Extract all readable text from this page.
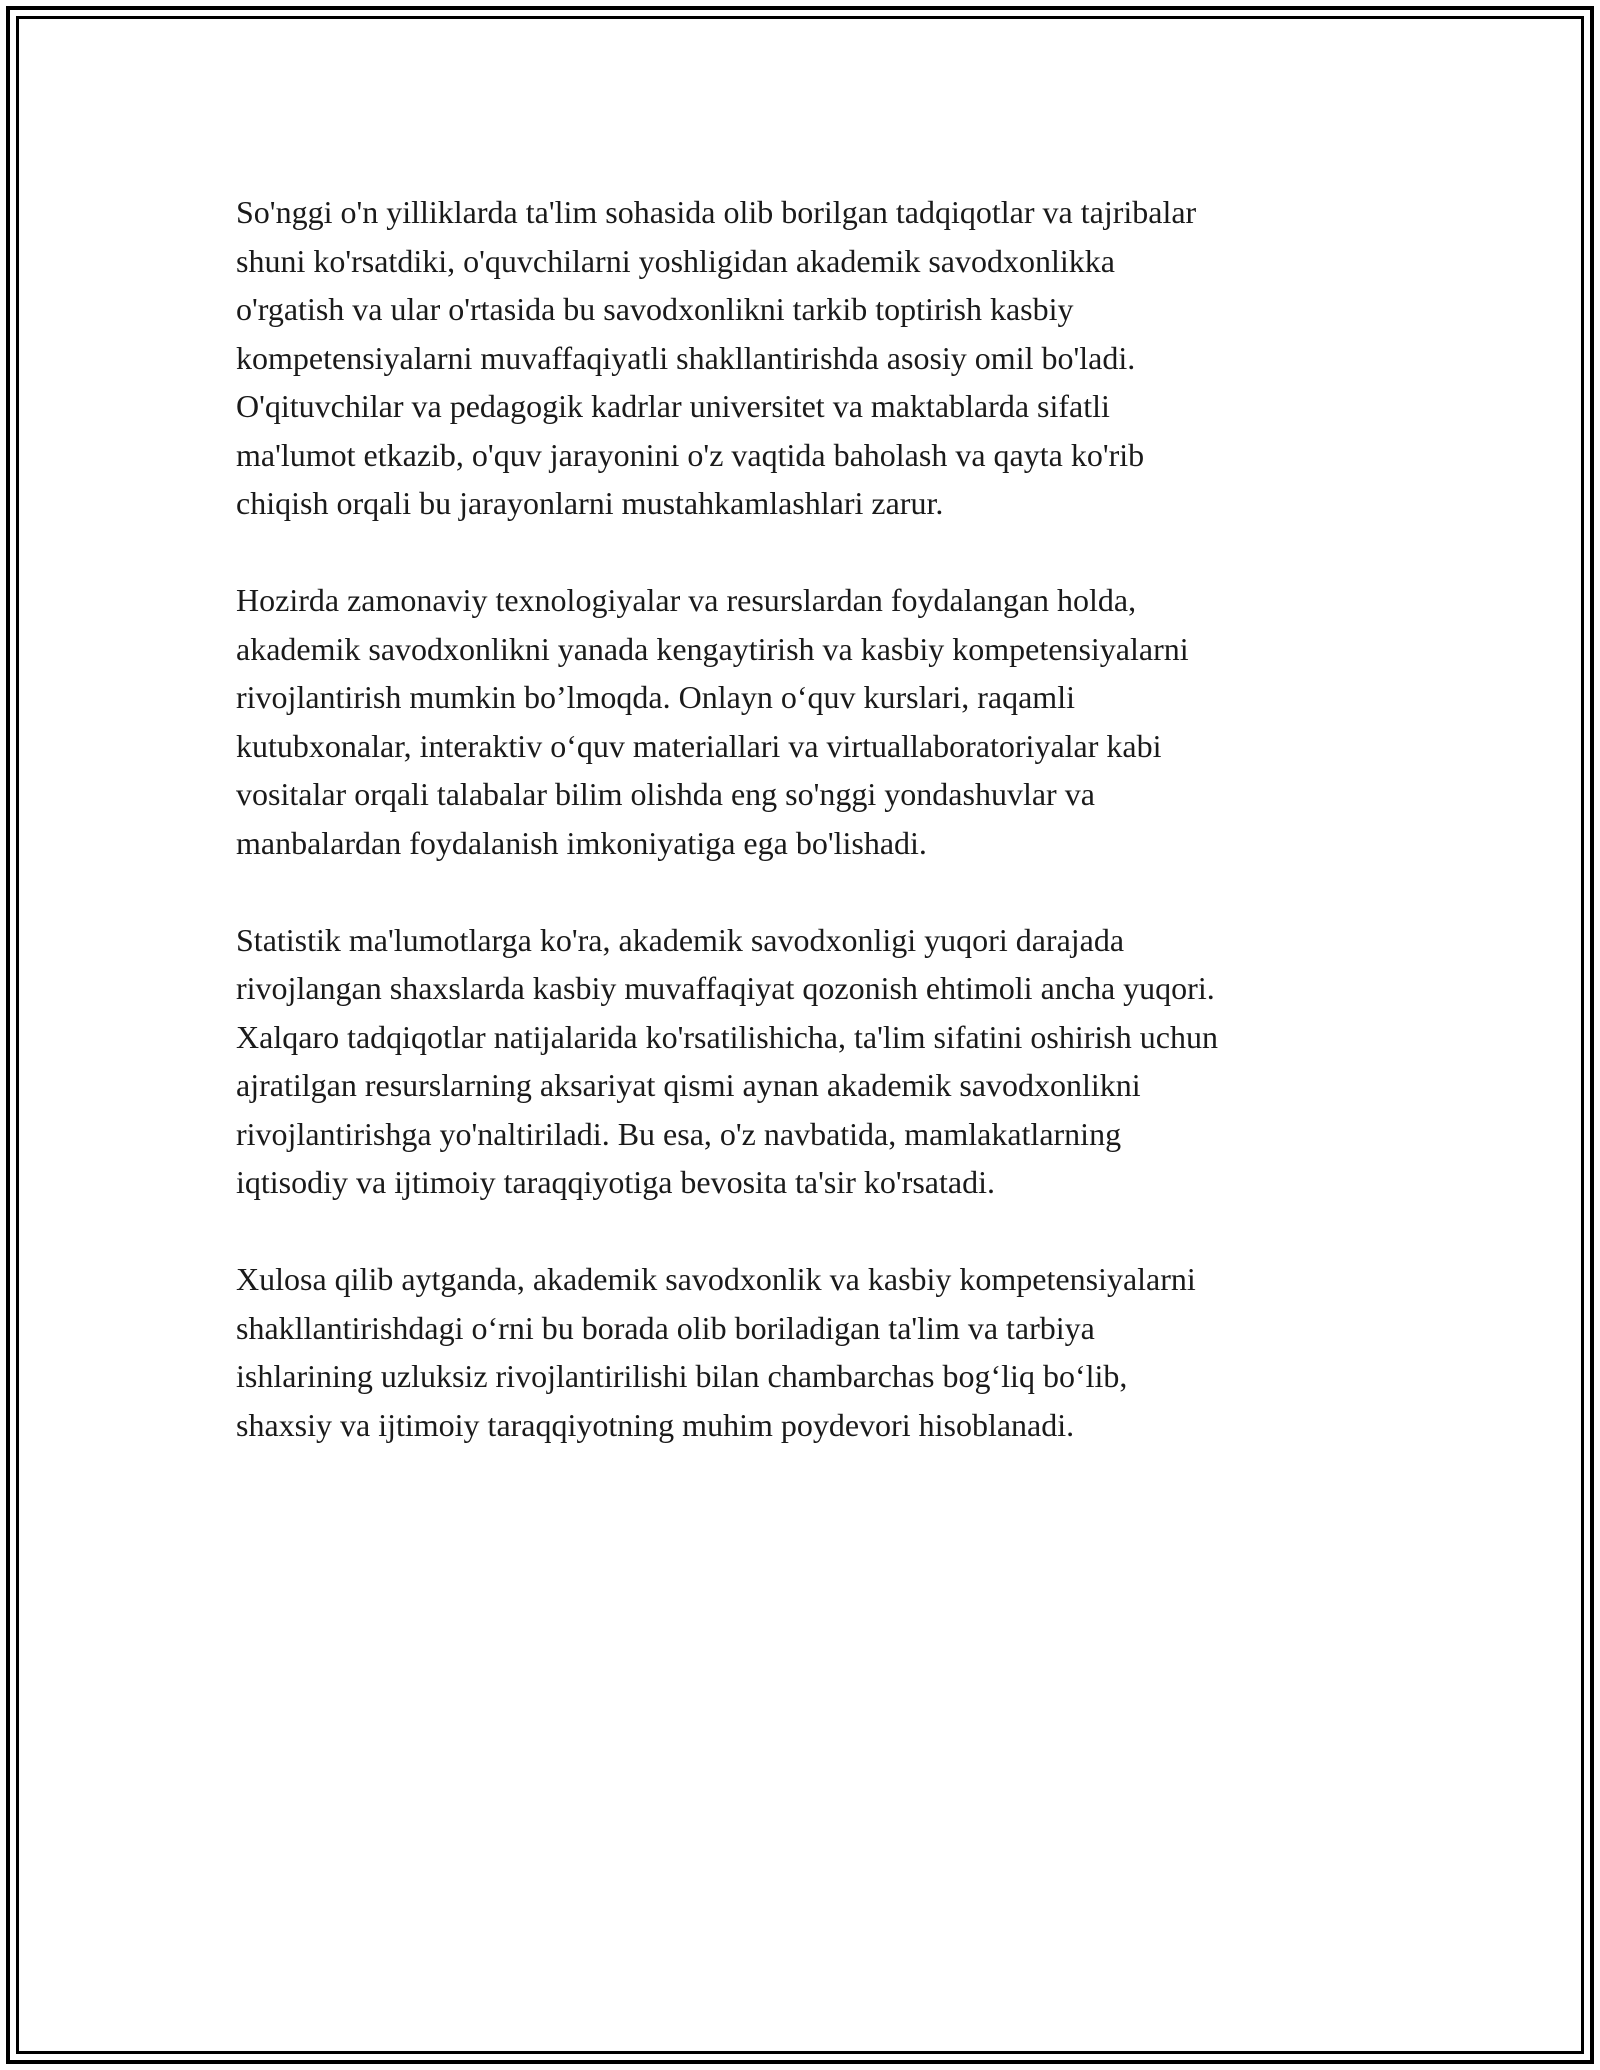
So'nggi o'n yilliklarda ta'lim sohasida olib borilgan tadqiqotlar va tajribalar
shuni ko'rsatdiki, o'quvchilarni yoshligidan akademik savodxonlikka
o'rgatish va ular o'rtasida bu savodxonlikni tarkib toptirish kasbiy
kompetensiyalarni muvaffaqiyatli shakllantirishda asosiy omil bo'ladi.
O'qituvchilar va pedagogik kadrlar universitet va maktablarda sifatli
ma'lumot etkazib, o'quv jarayonini o'z vaqtida baholash va qayta ko'rib
chiqish orqali bu jarayonlarni mustahkamlashlari zarur.
Hozirda zamonaviy texnologiyalar va resurslardan foydalangan holda,
akademik savodxonlikni yanada kengaytirish va kasbiy kompetensiyalarni
rivojlantirish mumkin bo’lmoqda. Onlayn o‘quv kurslari, raqamli
kutubxonalar, interaktiv o‘quv materiallari va virtuallaboratoriyalar kabi
vositalar orqali talabalar bilim olishda eng so'nggi yondashuvlar va
manbalardan foydalanish imkoniyatiga ega bo'lishadi.
Statistik ma'lumotlarga ko'ra, akademik savodxonligi yuqori darajada
rivojlangan shaxslarda kasbiy muvaffaqiyat qozonish ehtimoli ancha yuqori.
Xalqaro tadqiqotlar natijalarida ko'rsatilishicha, ta'lim sifatini oshirish uchun
ajratilgan resurslarning aksariyat qismi aynan akademik savodxonlikni
rivojlantirishga yo'naltiriladi. Bu esa, o'z navbatida, mamlakatlarning
iqtisodiy va ijtimoiy taraqqiyotiga bevosita ta'sir ko'rsatadi.
Xulosa qilib aytganda, akademik savodxonlik va kasbiy kompetensiyalarni
shakllantirishdagi o‘rni bu borada olib boriladigan ta'lim va tarbiya
ishlarining uzluksiz rivojlantirilishi bilan chambarchas bog‘liq bo‘lib,
shaxsiy va ijtimoiy taraqqiyotning muhim poydevori hisoblanadi.
